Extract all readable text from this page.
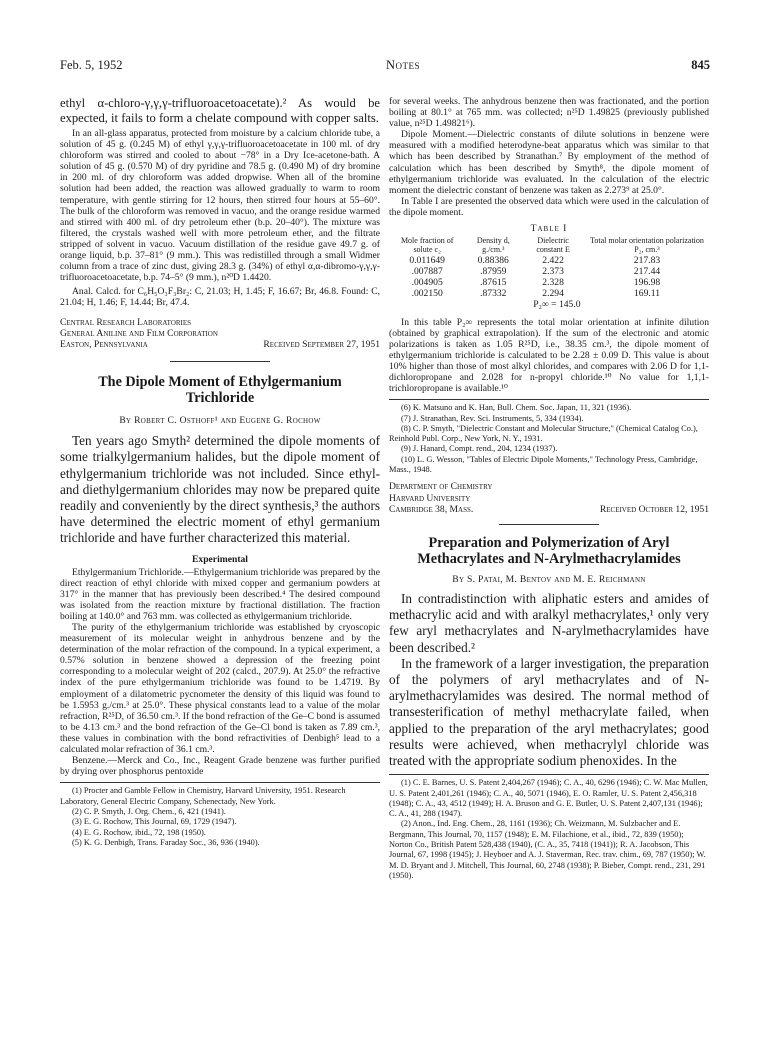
Feb. 5, 1952	Notes	845

ethyl α-chloro-γ,γ,γ-trifluoroacetoacetate).² As would be expected, it fails to form a chelate compound with copper salts.

In an all-glass apparatus, protected from moisture by a calcium chloride tube, a solution of 45 g. (0.245 M) of ethyl γ,γ,γ-trifluoroacetoacetate in 100 ml. of dry chloroform was stirred and cooled to about −78° in a Dry Ice-acetone-bath. A solution of 45 g. (0.570 M) of dry pyridine and 78.5 g. (0.490 M) of dry bromine in 200 ml. of dry chloroform was added dropwise. When all of the bromine solution had been added, the reaction was allowed gradually to warm to room temperature, with gentle stirring for 12 hours, then stirred four hours at 55–60°. The bulk of the chloroform was removed in vacuo, and the orange residue warmed and stirred with 400 ml. of dry petroleum ether (b.p. 20–40°). The mixture was filtered, the crystals washed well with more petroleum ether, and the filtrate stripped of solvent in vacuo. Vacuum distillation of the residue gave 49.7 g. of orange liquid, b.p. 37–81° (9 mm.). This was redistilled through a small Widmer column from a trace of zinc dust, giving 28.3 g. (34%) of ethyl α,α-dibromo-γ,γ,γ-trifluoroacetoacetate, b.p. 74–5° (9 mm.), n²⁰D 1.4420.

Anal. Calcd. for C₆H₅O₃F₃Br₂: C, 21.03; H, 1.45; F, 16.67; Br, 46.8. Found: C, 21.04; H, 1.46; F, 14.44; Br, 47.4.

Central Research Laboratories
General Aniline and Film Corporation
Easton, Pennsylvania	Received September 27, 1951
The Dipole Moment of Ethylgermanium Trichloride
By Robert C. Osthoff¹ and Eugene G. Rochow

Ten years ago Smyth² determined the dipole moments of some trialkylgermanium halides, but the dipole moment of ethylgermanium trichloride was not included. Since ethyl- and diethylgermanium chlorides may now be prepared quite readily and conveniently by the direct synthesis,³ the authors have determined the electric moment of ethyl germanium trichloride and have further characterized this material.

Experimental

Ethylgermanium Trichloride.—Ethylgermanium trichloride was prepared by the direct reaction of ethyl chloride with mixed copper and germanium powders at 317° in the manner that has previously been described.⁴ The desired compound was isolated from the reaction mixture by fractional distillation. The fraction boiling at 140.0° and 763 mm. was collected as ethylgermanium trichloride.

The purity of the ethylgermanium trichloride was established by cryoscopic measurement of its molecular weight in anhydrous benzene and by the determination of the molar refraction of the compound. In a typical experiment, a 0.57% solution in benzene showed a depression of the freezing point corresponding to a molecular weight of 202 (calcd., 207.9). At 25.0° the refractive index of the pure ethylgermanium trichloride was found to be 1.4719. By employment of a dilatometric pycnometer the density of this liquid was found to be 1.5953 g./cm.³ at 25.0°. These physical constants lead to a value of the molar refraction, R²⁵D, of 36.50 cm.³. If the bond refraction of the Ge–C bond is assumed to be 4.13 cm.³ and the bond refraction of the Ge–Cl bond is taken as 7.89 cm.³, these values in combination with the bond refractivities of Denbigh⁵ lead to a calculated molar refraction of 36.1 cm.³.

Benzene.—Merck and Co., Inc., Reagent Grade benzene was further purified by drying over phosphorus pentoxide

(1) Procter and Gamble Fellow in Chemistry, Harvard University, 1951. Research Laboratory, General Electric Company, Schenectady, New York.

(2) C. P. Smyth, J. Org. Chem., 6, 421 (1941).

(3) E. G. Rochow, This Journal, 69, 1729 (1947).

(4) E. G. Rochow, ibid., 72, 198 (1950).

(5) K. G. Denbigh, Trans. Faraday Soc., 36, 936 (1940).

for several weeks. The anhydrous benzene then was fractionated, and the portion boiling at 80.1° at 765 mm. was collected; n²⁵D 1.49825 (previously published value, n²⁵D 1.49821⁶).

Dipole Moment.—Dielectric constants of dilute solutions in benzene were measured with a modified heterodyne-beat apparatus which was similar to that which has been described by Stranathan.⁷ By employment of the method of calculation which has been described by Smyth⁸, the dipole moment of ethylgermanium trichloride was evaluated. In the calculation of the electric moment the dielectric constant of benzene was taken as 2.273⁹ at 25.0°.

In Table I are presented the observed data which were used in the calculation of the dipole moment.

Table I
Mole fraction of solute c₂	Density d, g./cm.³	Dielectric constant E	Total molar orientation polarization P₂, cm.³
0.011649	0.88386	2.422	217.83
.007887	.87959	2.373	217.44
.004905	.87615	2.328	196.98
.002150	.87332	2.294	169.11
		P₂∞ = 145.0	

In this table P₂∞ represents the total molar orientation at infinite dilution (obtained by graphical extrapolation). If the sum of the electronic and atomic polarizations is taken as 1.05 R²⁵D, i.e., 38.35 cm.³, the dipole moment of ethylgermanium trichloride is calculated to be 2.28 ± 0.09 D. This value is about 10% higher than those of most alkyl chlorides, and compares with 2.06 D for 1,1-dichloropropane and 2.028 for n-propyl chloride.¹⁰ No value for 1,1,1-trichloropropane is available.¹⁰

(6) K. Matsuno and K. Han, Bull. Chem. Soc. Japan, 11, 321 (1936).

(7) J. Stranathan, Rev. Sci. Instruments, 5, 334 (1934).

(8) C. P. Smyth, "Dielectric Constant and Molecular Structure," (Chemical Catalog Co.), Reinhold Publ. Corp., New York, N. Y., 1931.

(9) J. Hanard, Compt. rend., 204, 1234 (1937).

(10) L. G. Wesson, "Tables of Electric Dipole Moments," Technology Press, Cambridge, Mass., 1948.

Department of Chemistry
Harvard University
Cambridge 38, Mass.	Received October 12, 1951
Preparation and Polymerization of Aryl Methacrylates and N-Arylmethacrylamides
By S. Patai, M. Bentov and M. E. Reichmann

In contradistinction with aliphatic esters and amides of methacrylic acid and with aralkyl methacrylates,¹ only very few aryl methacrylates and N-arylmethacrylamides have been described.²

In the framework of a larger investigation, the preparation of the polymers of aryl methacrylates and of N-arylmethacrylamides was desired. The normal method of transesterification of methyl methacrylate failed, when applied to the preparation of the aryl methacrylates; good results were achieved, when methacrylyl chloride was treated with the appropriate sodium phenoxides. In the

(1) C. E. Barnes, U. S. Patent 2,404,267 (1946); C. A., 40, 6296 (1946); C. W. Mac Mullen, U. S. Patent 2,401,261 (1946); C. A., 40, 5071 (1946), E. O. Ramler, U. S. Patent 2,456,318 (1948); C. A., 43, 4512 (1949); H. A. Bruson and G. E. Butler, U. S. Patent 2,407,131 (1946); C. A., 41, 288 (1947).

(2) Anon., Ind. Eng. Chem., 28, 1161 (1936); Ch. Weizmann, M. Sulzbacher and E. Bergmann, This Journal, 70, 1157 (1948); E. M. Filachione, et al., ibid., 72, 839 (1950); Norton Co., British Patent 528,438 (1940), (C. A., 35, 7418 (1941)); R. A. Jacobson, This Journal, 67, 1998 (1945); J. Heyboer and A. J. Staverman, Rec. trav. chim., 69, 787 (1950); W. M. D. Bryant and J. Mitchell, This Journal, 60, 2748 (1938); P. Bieber, Compt. rend., 231, 291 (1950).
